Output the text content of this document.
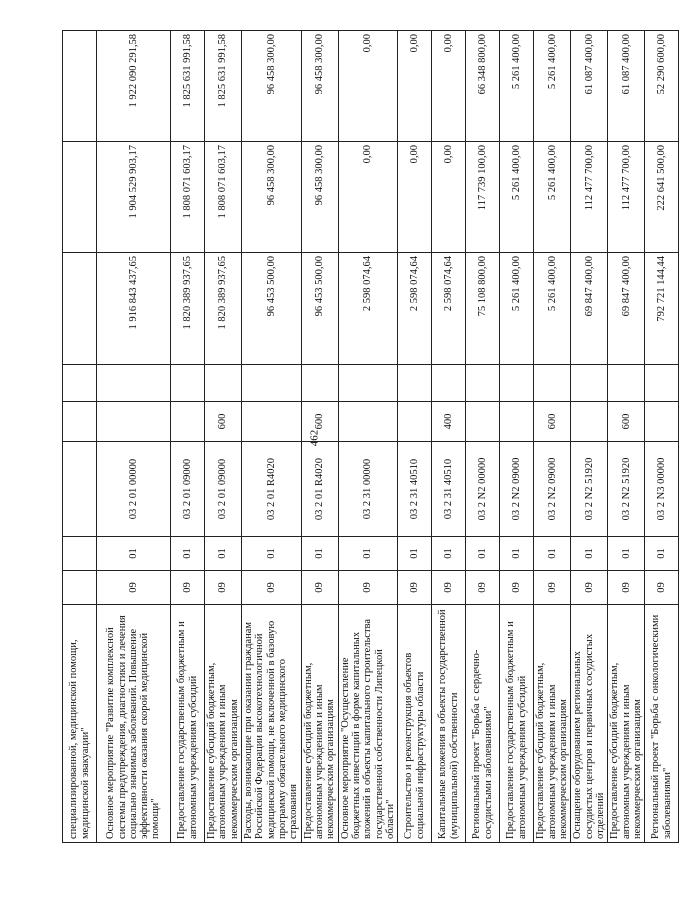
462
специализированной, медицинской помощи, медицинской эвакуации"								
Основное мероприятие "Развитие комплексной системы предупреждения, диагностики и лечения социально значимых заболеваний. Повышение эффективности оказания скорой медицинской помощи"	09	01	03 2 01 00000			1 916 843 437,65	1 904 529 903,17	1 922 090 291,58
Предоставление государственным бюджетным и автономным учреждениям субсидий	09	01	03 2 01 09000			1 820 389 937,65	1 808 071 603,17	1 825 631 991,58
Предоставление субсидий бюджетным, автономным учреждениям и иным некоммерческим организациям	09	01	03 2 01 09000	600		1 820 389 937,65	1 808 071 603,17	1 825 631 991,58
Расходы, возникающие при оказании гражданам Российской Федерации высокотехнологичной медицинской помощи, не включенной в базовую программу обязательного медицинского страхования	09	01	03 2 01 R4020			96 453 500,00	96 458 300,00	96 458 300,00
Предоставление субсидий бюджетным, автономным учреждениям и иным некоммерческим организациям	09	01	03 2 01 R4020	600		96 453 500,00	96 458 300,00	96 458 300,00
Основное мероприятие "Осуществление бюджетных инвестиций в форме капитальных вложений в объекты капитального строительства государственной собственности Липецкой области"	09	01	03 2 31 00000			2 598 074,64	0,00	0,00
Строительство и реконструкция объектов социальной инфраструктуры области	09	01	03 2 31 40510			2 598 074,64	0,00	0,00
Капитальные вложения в объекты государственной (муниципальной) собственности	09	01	03 2 31 40510	400		2 598 074,64	0,00	0,00
Региональный проект "Борьба с сердечно-сосудистыми заболеваниями"	09	01	03 2 N2 00000			75 108 800,00	117 739 100,00	66 348 800,00
Предоставление государственным бюджетным и автономным учреждениям субсидий	09	01	03 2 N2 09000			5 261 400,00	5 261 400,00	5 261 400,00
Предоставление субсидий бюджетным, автономным учреждениям и иным некоммерческим организациям	09	01	03 2 N2 09000	600		5 261 400,00	5 261 400,00	5 261 400,00
Оснащение оборудованием региональных сосудистых центров и первичных сосудистых отделений	09	01	03 2 N2 51920			69 847 400,00	112 477 700,00	61 087 400,00
Предоставление субсидий бюджетным, автономным учреждениям и иным некоммерческим организациям	09	01	03 2 N2 51920	600		69 847 400,00	112 477 700,00	61 087 400,00
Региональный проект "Борьба с онкологическими заболеваниями"	09	01	03 2 N3 00000			792 721 144,44	222 641 500,00	52 290 600,00
